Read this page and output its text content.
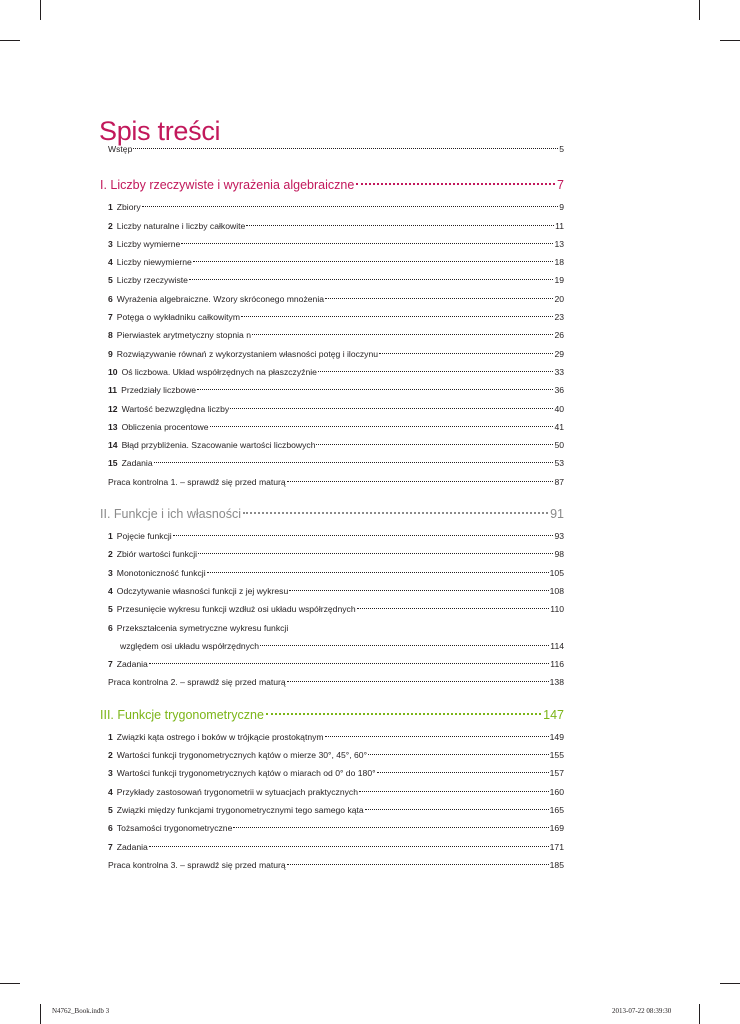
Spis treści
Wstęp	5
I. Liczby rzeczywiste i wyrażenia algebraiczne	7
1 Zbiory	9
2 Liczby naturalne i liczby całkowite	11
3 Liczby wymierne	13
4 Liczby niewymierne	18
5 Liczby rzeczywiste	19
6 Wyrażenia algebraiczne. Wzory skróconego mnożenia	20
7 Potęga o wykładniku całkowitym	23
8 Pierwiastek arytmetyczny stopnia n	26
9 Rozwiązywanie równań z wykorzystaniem własności potęg i iloczynu	29
10 Oś liczbowa. Układ współrzędnych na płaszczyźnie	33
11 Przedziały liczbowe	36
12 Wartość bezwzględna liczby	40
13 Obliczenia procentowe	41
14 Błąd przybliżenia. Szacowanie wartości liczbowych	50
15 Zadania	53
Praca kontrolna 1. – sprawdź się przed maturą	87
II. Funkcje i ich własności	91
1 Pojęcie funkcji	93
2 Zbiór wartości funkcji	98
3 Monotoniczność funkcji	105
4 Odczytywanie własności funkcji z jej wykresu	108
5 Przesunięcie wykresu funkcji wzdłuż osi układu współrzędnych	110
6 Przekształcenia symetryczne wykresu funkcji
względem osi układu współrzędnych	114
7 Zadania	116
Praca kontrolna 2. – sprawdź się przed maturą	138
III. Funkcje trygonometryczne	147
1 Związki kąta ostrego i boków w trójkącie prostokątnym	149
2 Wartości funkcji trygonometrycznych kątów o mierze 30°, 45°, 60°	155
3 Wartości funkcji trygonometrycznych kątów o miarach od 0° do 180°	157
4 Przykłady zastosowań trygonometrii w sytuacjach praktycznych	160
5 Związki między funkcjami trygonometrycznymi tego samego kąta	165
6 Tożsamości trygonometryczne	169
7 Zadania	171
Praca kontrolna 3. – sprawdź się przed maturą	185
N4762_Book.indb 3	2013-07-22 08:39:30
